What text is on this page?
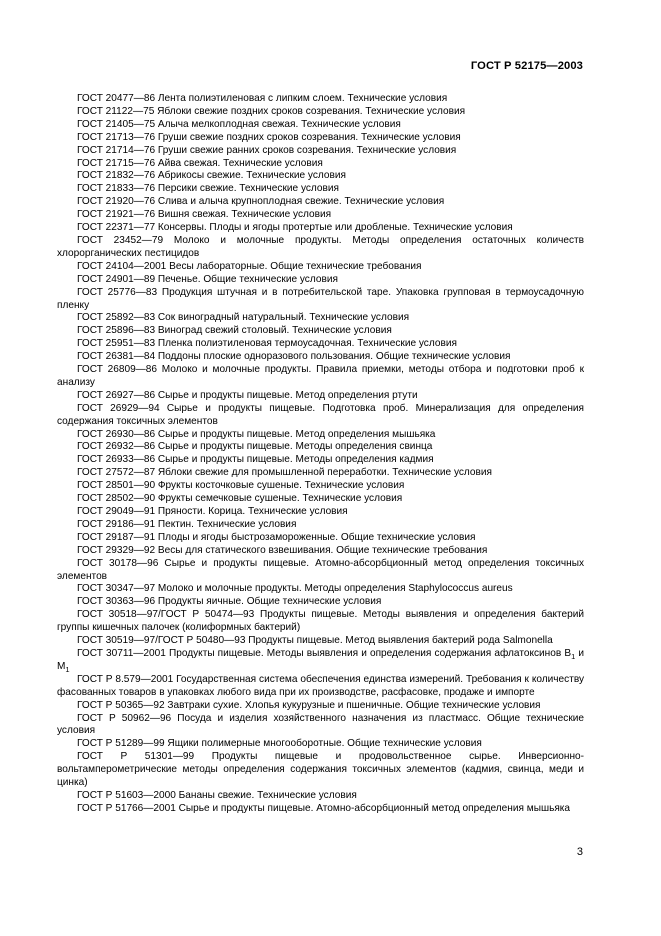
ГОСТ Р 52175—2003

ГОСТ 20477—86 Лента полиэтиленовая с липким слоем. Технические условия

ГОСТ 21122—75 Яблоки свежие поздних сроков созревания. Технические условия

ГОСТ 21405—75 Алыча мелкоплодная свежая. Технические условия

ГОСТ 21713—76 Груши свежие поздних сроков созревания. Технические условия

ГОСТ 21714—76 Груши свежие ранних сроков созревания. Технические условия

ГОСТ 21715—76 Айва свежая. Технические условия

ГОСТ 21832—76 Абрикосы свежие. Технические условия

ГОСТ 21833—76 Персики свежие. Технические условия

ГОСТ 21920—76 Слива и алыча крупноплодная свежие. Технические условия

ГОСТ 21921—76 Вишня свежая. Технические условия

ГОСТ 22371—77 Консервы. Плоды и ягоды протертые или дробленые. Технические условия

ГОСТ 23452—79 Молоко и молочные продукты. Методы определения остаточных количеств хлорорганических пестицидов

ГОСТ 24104—2001 Весы лабораторные. Общие технические требования

ГОСТ 24901—89 Печенье. Общие технические условия

ГОСТ 25776—83 Продукция штучная и в потребительской таре. Упаковка групповая в термоусадочную пленку

ГОСТ 25892—83 Сок виноградный натуральный. Технические условия

ГОСТ 25896—83 Виноград свежий столовый. Технические условия

ГОСТ 25951—83 Пленка полиэтиленовая термоусадочная. Технические условия

ГОСТ 26381—84 Поддоны плоские одноразового пользования. Общие технические условия

ГОСТ 26809—86 Молоко и молочные продукты. Правила приемки, методы отбора и подготовки проб к анализу

ГОСТ 26927—86 Сырье и продукты пищевые. Метод определения ртути

ГОСТ 26929—94 Сырье и продукты пищевые. Подготовка проб. Минерализация для определения содержания токсичных элементов

ГОСТ 26930—86 Сырье и продукты пищевые. Метод определения мышьяка

ГОСТ 26932—86 Сырье и продукты пищевые. Методы определения свинца

ГОСТ 26933—86 Сырье и продукты пищевые. Методы определения кадмия

ГОСТ 27572—87 Яблоки свежие для промышленной переработки. Технические условия

ГОСТ 28501—90 Фрукты косточковые сушеные. Технические условия

ГОСТ 28502—90 Фрукты семечковые сушеные. Технические условия

ГОСТ 29049—91 Пряности. Корица. Технические условия

ГОСТ 29186—91 Пектин. Технические условия

ГОСТ 29187—91 Плоды и ягоды быстрозамороженные. Общие технические условия

ГОСТ 29329—92 Весы для статического взвешивания. Общие технические требования

ГОСТ 30178—96 Сырье и продукты пищевые. Атомно-абсорбционный метод определения токсичных элементов

ГОСТ 30347—97 Молоко и молочные продукты. Методы определения Staphylococcus aureus

ГОСТ 30363—96 Продукты яичные. Общие технические условия

ГОСТ 30518—97/ГОСТ Р 50474—93 Продукты пищевые. Методы выявления и определения бактерий группы кишечных палочек (колиформных бактерий)

ГОСТ 30519—97/ГОСТ Р 50480—93 Продукты пищевые. Метод выявления бактерий рода Salmonella

ГОСТ 30711—2001 Продукты пищевые. Методы выявления и определения содержания афлатоксинов $B_1$ и $M_1$

ГОСТ Р 8.579—2001 Государственная система обеспечения единства измерений. Требования к количеству фасованных товаров в упаковках любого вида при их производстве, расфасовке, продаже и импорте

ГОСТ Р 50365—92 Завтраки сухие. Хлопья кукурузные и пшеничные. Общие технические условия

ГОСТ Р 50962—96 Посуда и изделия хозяйственного назначения из пластмасс. Общие технические условия

ГОСТ Р 51289—99 Ящики полимерные многооборотные. Общие технические условия

ГОСТ Р 51301—99 Продукты пищевые и продовольственное сырье. Инверсионно-вольтамперометрические методы определения содержания токсичных элементов (кадмия, свинца, меди и цинка)

ГОСТ Р 51603—2000 Бананы свежие. Технические условия

ГОСТ Р 51766—2001 Сырье и продукты пищевые. Атомно-абсорбционный метод определения мышьяка

3
